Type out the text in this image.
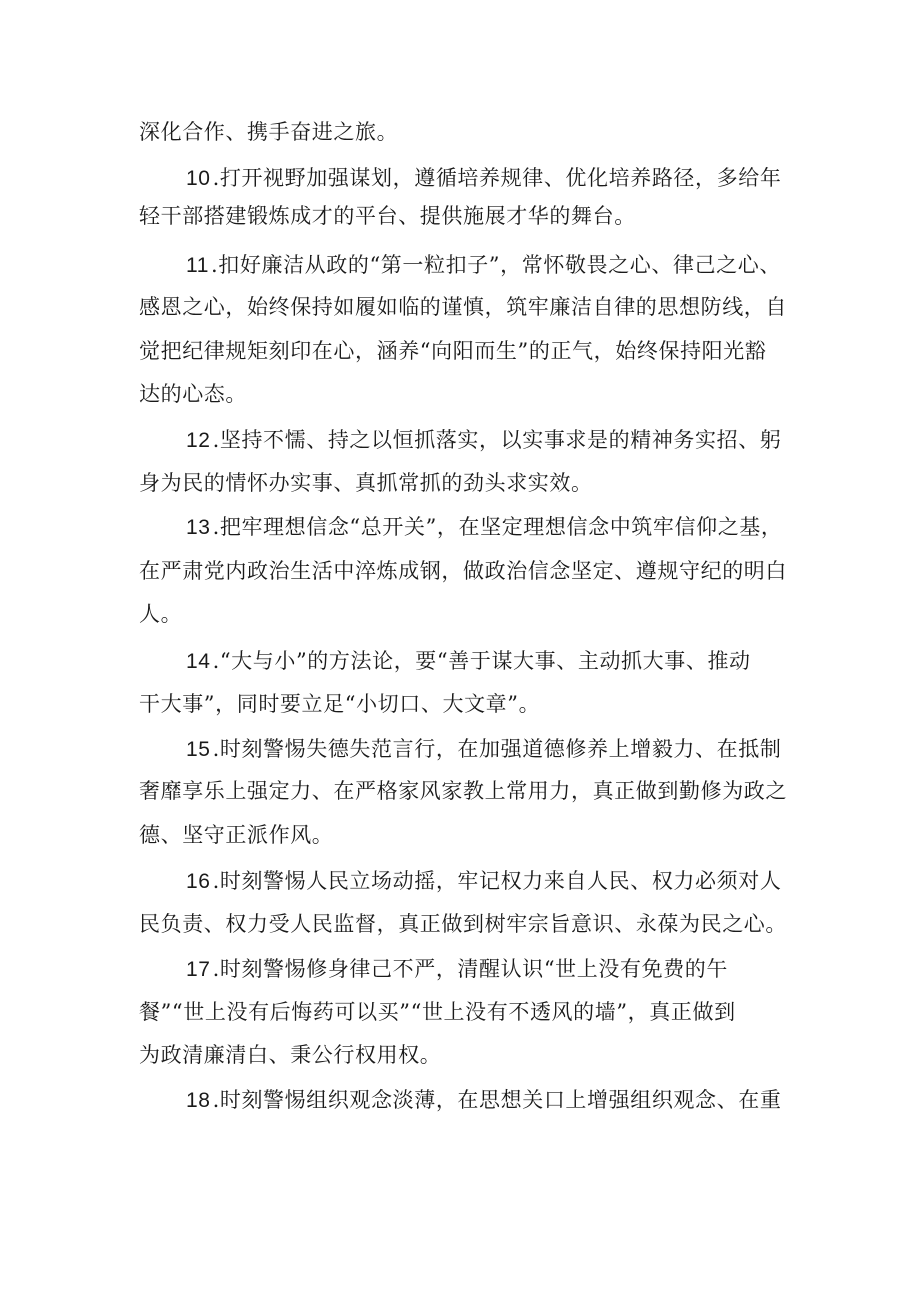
深化合作、携手奋进之旅。
10.打开视野加强谋划，遵循培养规律、优化培养路径，多给年
轻干部搭建锻炼成才的平台、提供施展才华的舞台。
11.扣好廉洁从政的“第一粒扣子”，常怀敬畏之心、律己之心、
感恩之心，始终保持如履如临的谨慎，筑牢廉洁自律的思想防线，自
觉把纪律规矩刻印在心，涵养“向阳而生”的正气，始终保持阳光豁
达的心态。
12.坚持不懦、持之以恒抓落实，以实事求是的精神务实招、躬
身为民的情怀办实事、真抓常抓的劲头求实效。
13.把牢理想信念“总开关”，在坚定理想信念中筑牢信仰之基，
在严肃党内政治生活中淬炼成钢，做政治信念坚定、遵规守纪的明白
人。
14.“大与小”的方法论，要“善于谋大事、主动抓大事、推动
干大事”，同时要立足“小切口、大文章”。
15.时刻警惕失德失范言行，在加强道德修养上增毅力、在抵制
奢靡享乐上强定力、在严格家风家教上常用力，真正做到勤修为政之
德、坚守正派作风。
16.时刻警惕人民立场动摇，牢记权力来自人民、权力必须对人
民负责、权力受人民监督，真正做到树牢宗旨意识、永葆为民之心。
17.时刻警惕修身律己不严，清醒认识“世上没有免费的午
餐”“世上没有后悔药可以买”“世上没有不透风的墙”，真正做到
为政清廉清白、秉公行权用权。
18.时刻警惕组织观念淡薄，在思想关口上增强组织观念、在重
